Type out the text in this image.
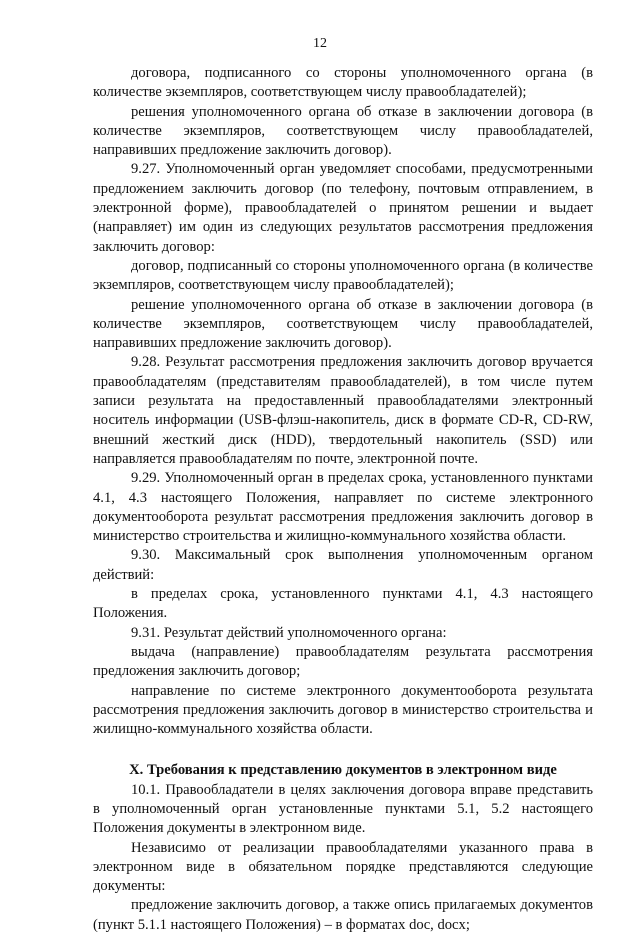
12

договора, подписанного со стороны уполномоченного органа (в количестве экземпляров, соответствующем числу правообладателей);

решения уполномоченного органа об отказе в заключении договора (в количестве экземпляров, соответствующем числу правообладателей, направивших предложение заключить договор).

9.27. Уполномоченный орган уведомляет способами, предусмотренными предложением заключить договор (по телефону, почтовым отправлением, в электронной форме), правообладателей о принятом решении и выдает (направляет) им один из следующих результатов рассмотрения предложения заключить договор:

договор, подписанный со стороны уполномоченного органа (в количестве экземпляров, соответствующем числу правообладателей);

решение уполномоченного органа об отказе в заключении договора (в количестве экземпляров, соответствующем числу правообладателей, направивших предложение заключить договор).

9.28. Результат рассмотрения предложения заключить договор вручается правообладателям (представителям правообладателей), в том числе путем записи результата на предоставленный правообладателями электронный носитель информации (USB-флэш-накопитель, диск в формате CD-R, CD-RW, внешний жесткий диск (HDD), твердотельный накопитель (SSD) или направляется правообладателям по почте, электронной почте.

9.29. Уполномоченный орган в пределах срока, установленного пунктами 4.1, 4.3 настоящего Положения, направляет по системе электронного документооборота результат рассмотрения предложения заключить договор в министерство строительства и жилищно-коммунального хозяйства области.

9.30. Максимальный срок выполнения уполномоченным органом действий:

в пределах срока, установленного пунктами 4.1, 4.3 настоящего Положения.

9.31. Результат действий уполномоченного органа:

выдача (направление) правообладателям результата рассмотрения предложения заключить договор;

направление по системе электронного документооборота результата рассмотрения предложения заключить договор в министерство строительства и жилищно-коммунального хозяйства области.

X. Требования к представлению документов в электронном виде

10.1. Правообладатели в целях заключения договора вправе представить в уполномоченный орган установленные пунктами 5.1, 5.2 настоящего Положения документы в электронном виде.

Независимо от реализации правообладателями указанного права в электронном виде в обязательном порядке представляются следующие документы:

предложение заключить договор, а также опись прилагаемых документов (пункт 5.1.1 настоящего Положения) – в форматах doc, docx;
